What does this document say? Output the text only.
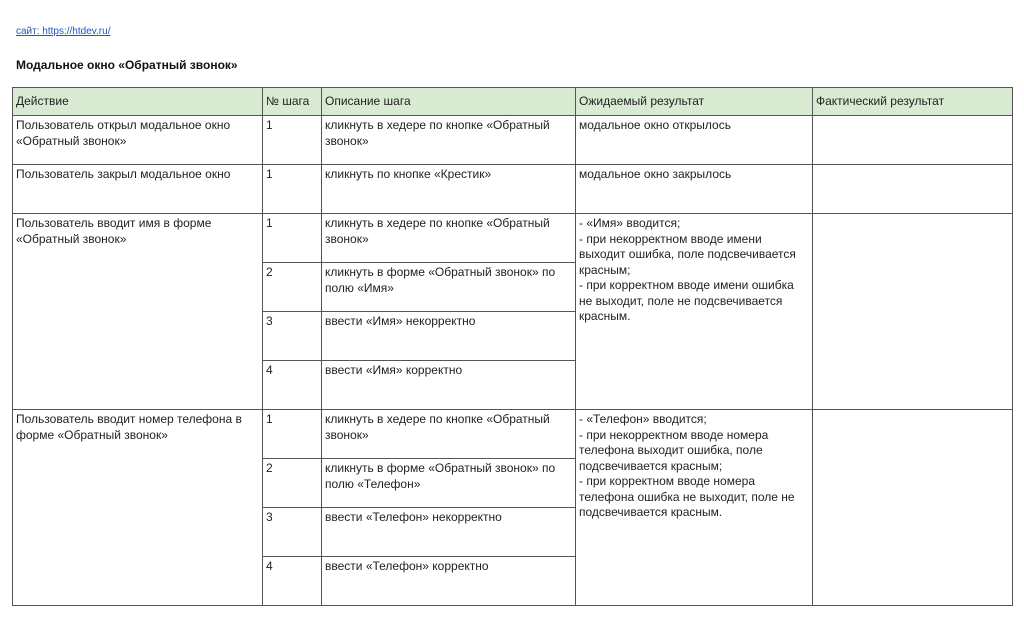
сайт: https://htdev.ru/
Модальное окно «Обратный звонок»
Действие	№ шага	Описание шага	Ожидаемый результат	Фактический результат
Пользователь открыл модальное окно «Обратный звонок»	1	кликнуть в хедере по кнопке «Обратный звонок»	модальное окно открылось	
Пользователь закрыл модальное окно	1	кликнуть по кнопке «Крестик»	модальное окно закрылось	
Пользователь вводит имя в форме «Обратный звонок»	1	кликнуть в хедере по кнопке «Обратный звонок»	- «Имя» вводится;
- при некорректном вводе имени выходит ошибка, поле подсвечивается красным;
- при корректном вводе имени ошибка не выходит, поле не подсвечивается красным.	
	2	кликнуть в форме «Обратный звонок» по полю «Имя»		
	3	ввести «Имя» некорректно		
	4	ввести «Имя» корректно		
Пользователь вводит номер телефона в форме «Обратный звонок»	1	кликнуть в хедере по кнопке «Обратный звонок»	- «Телефон» вводится;
- при некорректном вводе номера телефона выходит ошибка, поле подсвечивается красным;
- при корректном вводе номера телефона ошибка не выходит, поле не подсвечивается красным.	
	2	кликнуть в форме «Обратный звонок» по полю «Телефон»		
	3	ввести «Телефон» некорректно		
	4	ввести «Телефон» корректно		
